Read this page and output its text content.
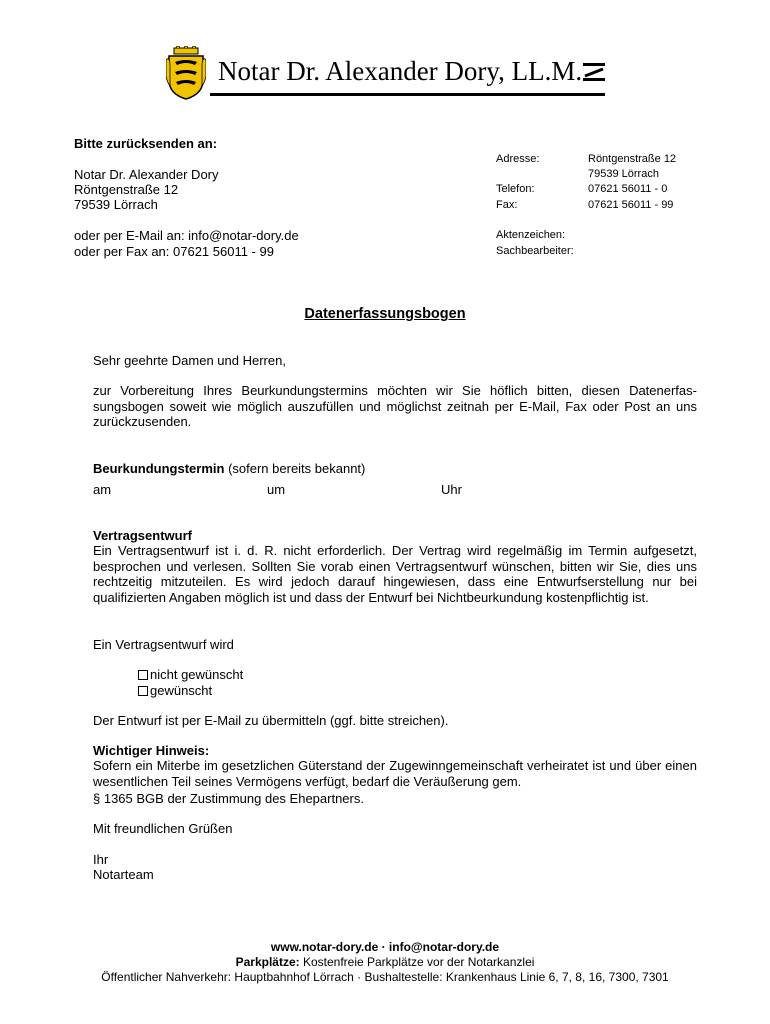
Notar Dr. Alexander Dory, LL.M.
Bitte zurücksenden an:
Notar Dr. Alexander Dory
Röntgenstraße 12
79539 Lörrach
oder per E-Mail an: info@notar-dory.de
oder per Fax an: 07621 56011 - 99
Adresse:	Röntgenstraße 12
79539 Lörrach
Telefon:	07621 56011 - 0
Fax:	07621 56011 - 99
Aktenzeichen:
Sachbearbeiter:
Datenerfassungsbogen
Sehr geehrte Damen und Herren,
zur Vorbereitung Ihres Beurkundungstermins möchten wir Sie höflich bitten, diesen Datenerfassungsbogen soweit wie möglich auszufüllen und möglichst zeitnah per E-Mail, Fax oder Post an uns zurückzusenden.
Beurkundungstermin (sofern bereits bekannt)
am	um	Uhr
Vertragsentwurf
Ein Vertragsentwurf ist i. d. R. nicht erforderlich. Der Vertrag wird regelmäßig im Termin aufgesetzt, besprochen und verlesen. Sollten Sie vorab einen Vertragsentwurf wünschen, bitten wir Sie, dies uns rechtzeitig mitzuteilen. Es wird jedoch darauf hingewiesen, dass eine Entwurfserstellung nur bei qualifizierten Angaben möglich ist und dass der Entwurf bei Nichtbeurkundung kostenpflichtig ist.
Ein Vertragsentwurf wird
nicht gewünscht
gewünscht
Der Entwurf ist per E-Mail zu übermitteln (ggf. bitte streichen).
Wichtiger Hinweis:
Sofern ein Miterbe im gesetzlichen Güterstand der Zugewinngemeinschaft verheiratet ist und über einen wesentlichen Teil seines Vermögens verfügt, bedarf die Veräußerung gem.
§ 1365 BGB der Zustimmung des Ehepartners.
Mit freundlichen Grüßen
Ihr
Notarteam
www.notar-dory.de · info@notar-dory.de
Parkplätze: Kostenfreie Parkplätze vor der Notarkanzlei
Öffentlicher Nahverkehr: Hauptbahnhof Lörrach · Bushaltestelle: Krankenhaus Linie 6, 7, 8, 16, 7300, 7301
